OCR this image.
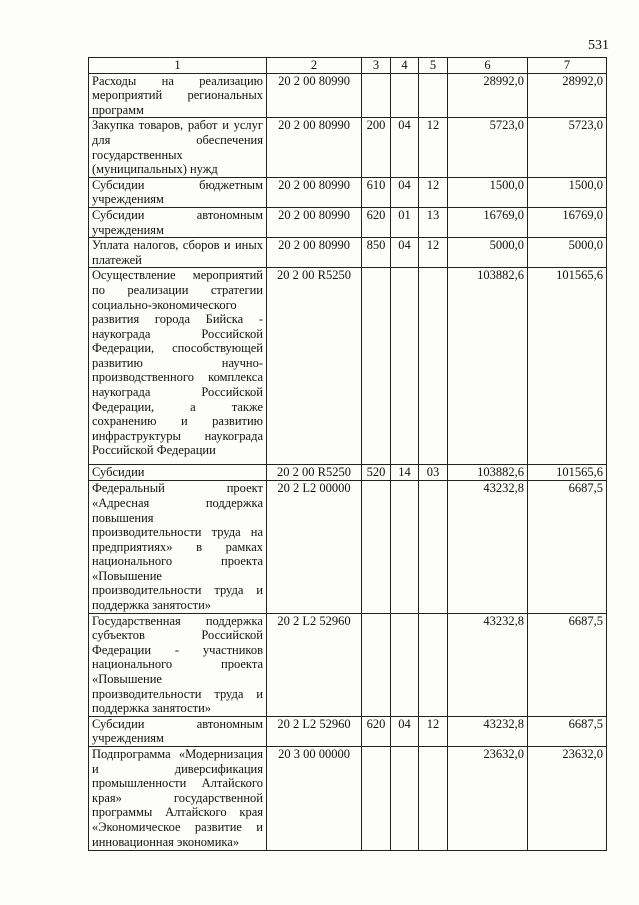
531
1	2	3	4	5	6	7
Расходы на реализацию мероприятий региональных программ	20 2 00 80990				28992,0	28992,0
Закупка товаров, работ и услуг для обеспечения государственных (муниципальных) нужд	20 2 00 80990	200	04	12	5723,0	5723,0
Субсидии бюджетным учреждениям	20 2 00 80990	610	04	12	1500,0	1500,0
Субсидии автономным учреждениям	20 2 00 80990	620	01	13	16769,0	16769,0
Уплата налогов, сборов и иных платежей	20 2 00 80990	850	04	12	5000,0	5000,0
Осуществление мероприятий по реализации стратегии социально-экономического развития города Бийска - наукограда Российской Федерации, способствующей развитию научно-производственного комплекса наукограда Российской Федерации, а также сохранению и развитию инфраструктуры наукограда Российской Федерации	20 2 00 R5250				103882,6	101565,6
Субсидии	20 2 00 R5250	520	14	03	103882,6	101565,6
Федеральный проект «Адресная поддержка повышения производительности труда на предприятиях» в рамках национального проекта «Повышение производительности труда и поддержка занятости»	20 2 L2 00000				43232,8	6687,5
Государственная поддержка субъектов Российской Федерации - участников национального проекта «Повышение производительности труда и поддержка занятости»	20 2 L2 52960				43232,8	6687,5
Субсидии автономным учреждениям	20 2 L2 52960	620	04	12	43232,8	6687,5
Подпрограмма «Модернизация и диверсификация промышленности Алтайского края» государственной программы Алтайского края «Экономическое развитие и инновационная экономика»	20 3 00 00000				23632,0	23632,0
